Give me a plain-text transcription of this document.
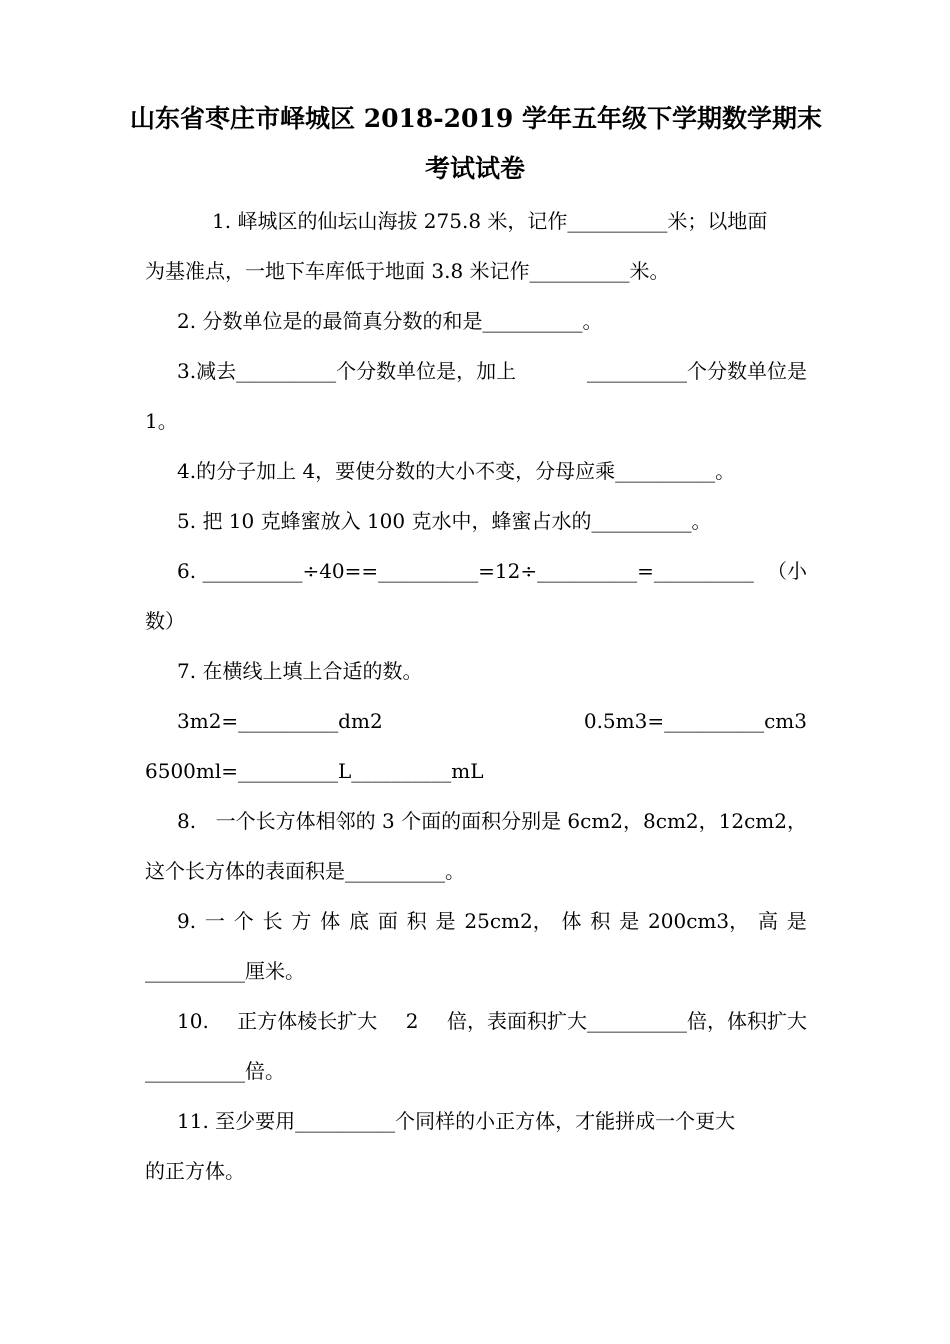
山东省枣庄市峄城区 2018-2019 学年五年级下学期数学期末
考试试卷
1. 峄城区的仙坛山海拔 275.8 米，记作__________米；以地面
为基准点，一地下车库低于地面 3.8 米记作__________米。
2. 分数单位是的最简真分数的和是__________。
3.减去__________个分数单位是，加上	__________个分数单位是
1。
4.的分子加上 4，要使分数的大小不变，分母应乘__________。
5. 把 10 克蜂蜜放入 100 克水中，蜂蜜占水的__________。
6. __________÷40==__________=12÷__________=__________ （小
数）
7. 在横线上填上合适的数。
3m2=__________dm2	0.5m3=__________cm3
6500ml=__________L__________mL
8. 一个长方体相邻的 3 个面的面积分别是 6cm2，8cm2，12cm2，
这个长方体的表面积是__________。
9. 一 个 长 方 体 底 面 积 是 25cm2， 体 积 是 200cm3， 高 是
__________厘米。
10. 正方体棱长扩大 2 倍，表面积扩大__________倍，体积扩大
__________倍。
11. 至少要用__________个同样的小正方体，才能拼成一个更大
的正方体。
